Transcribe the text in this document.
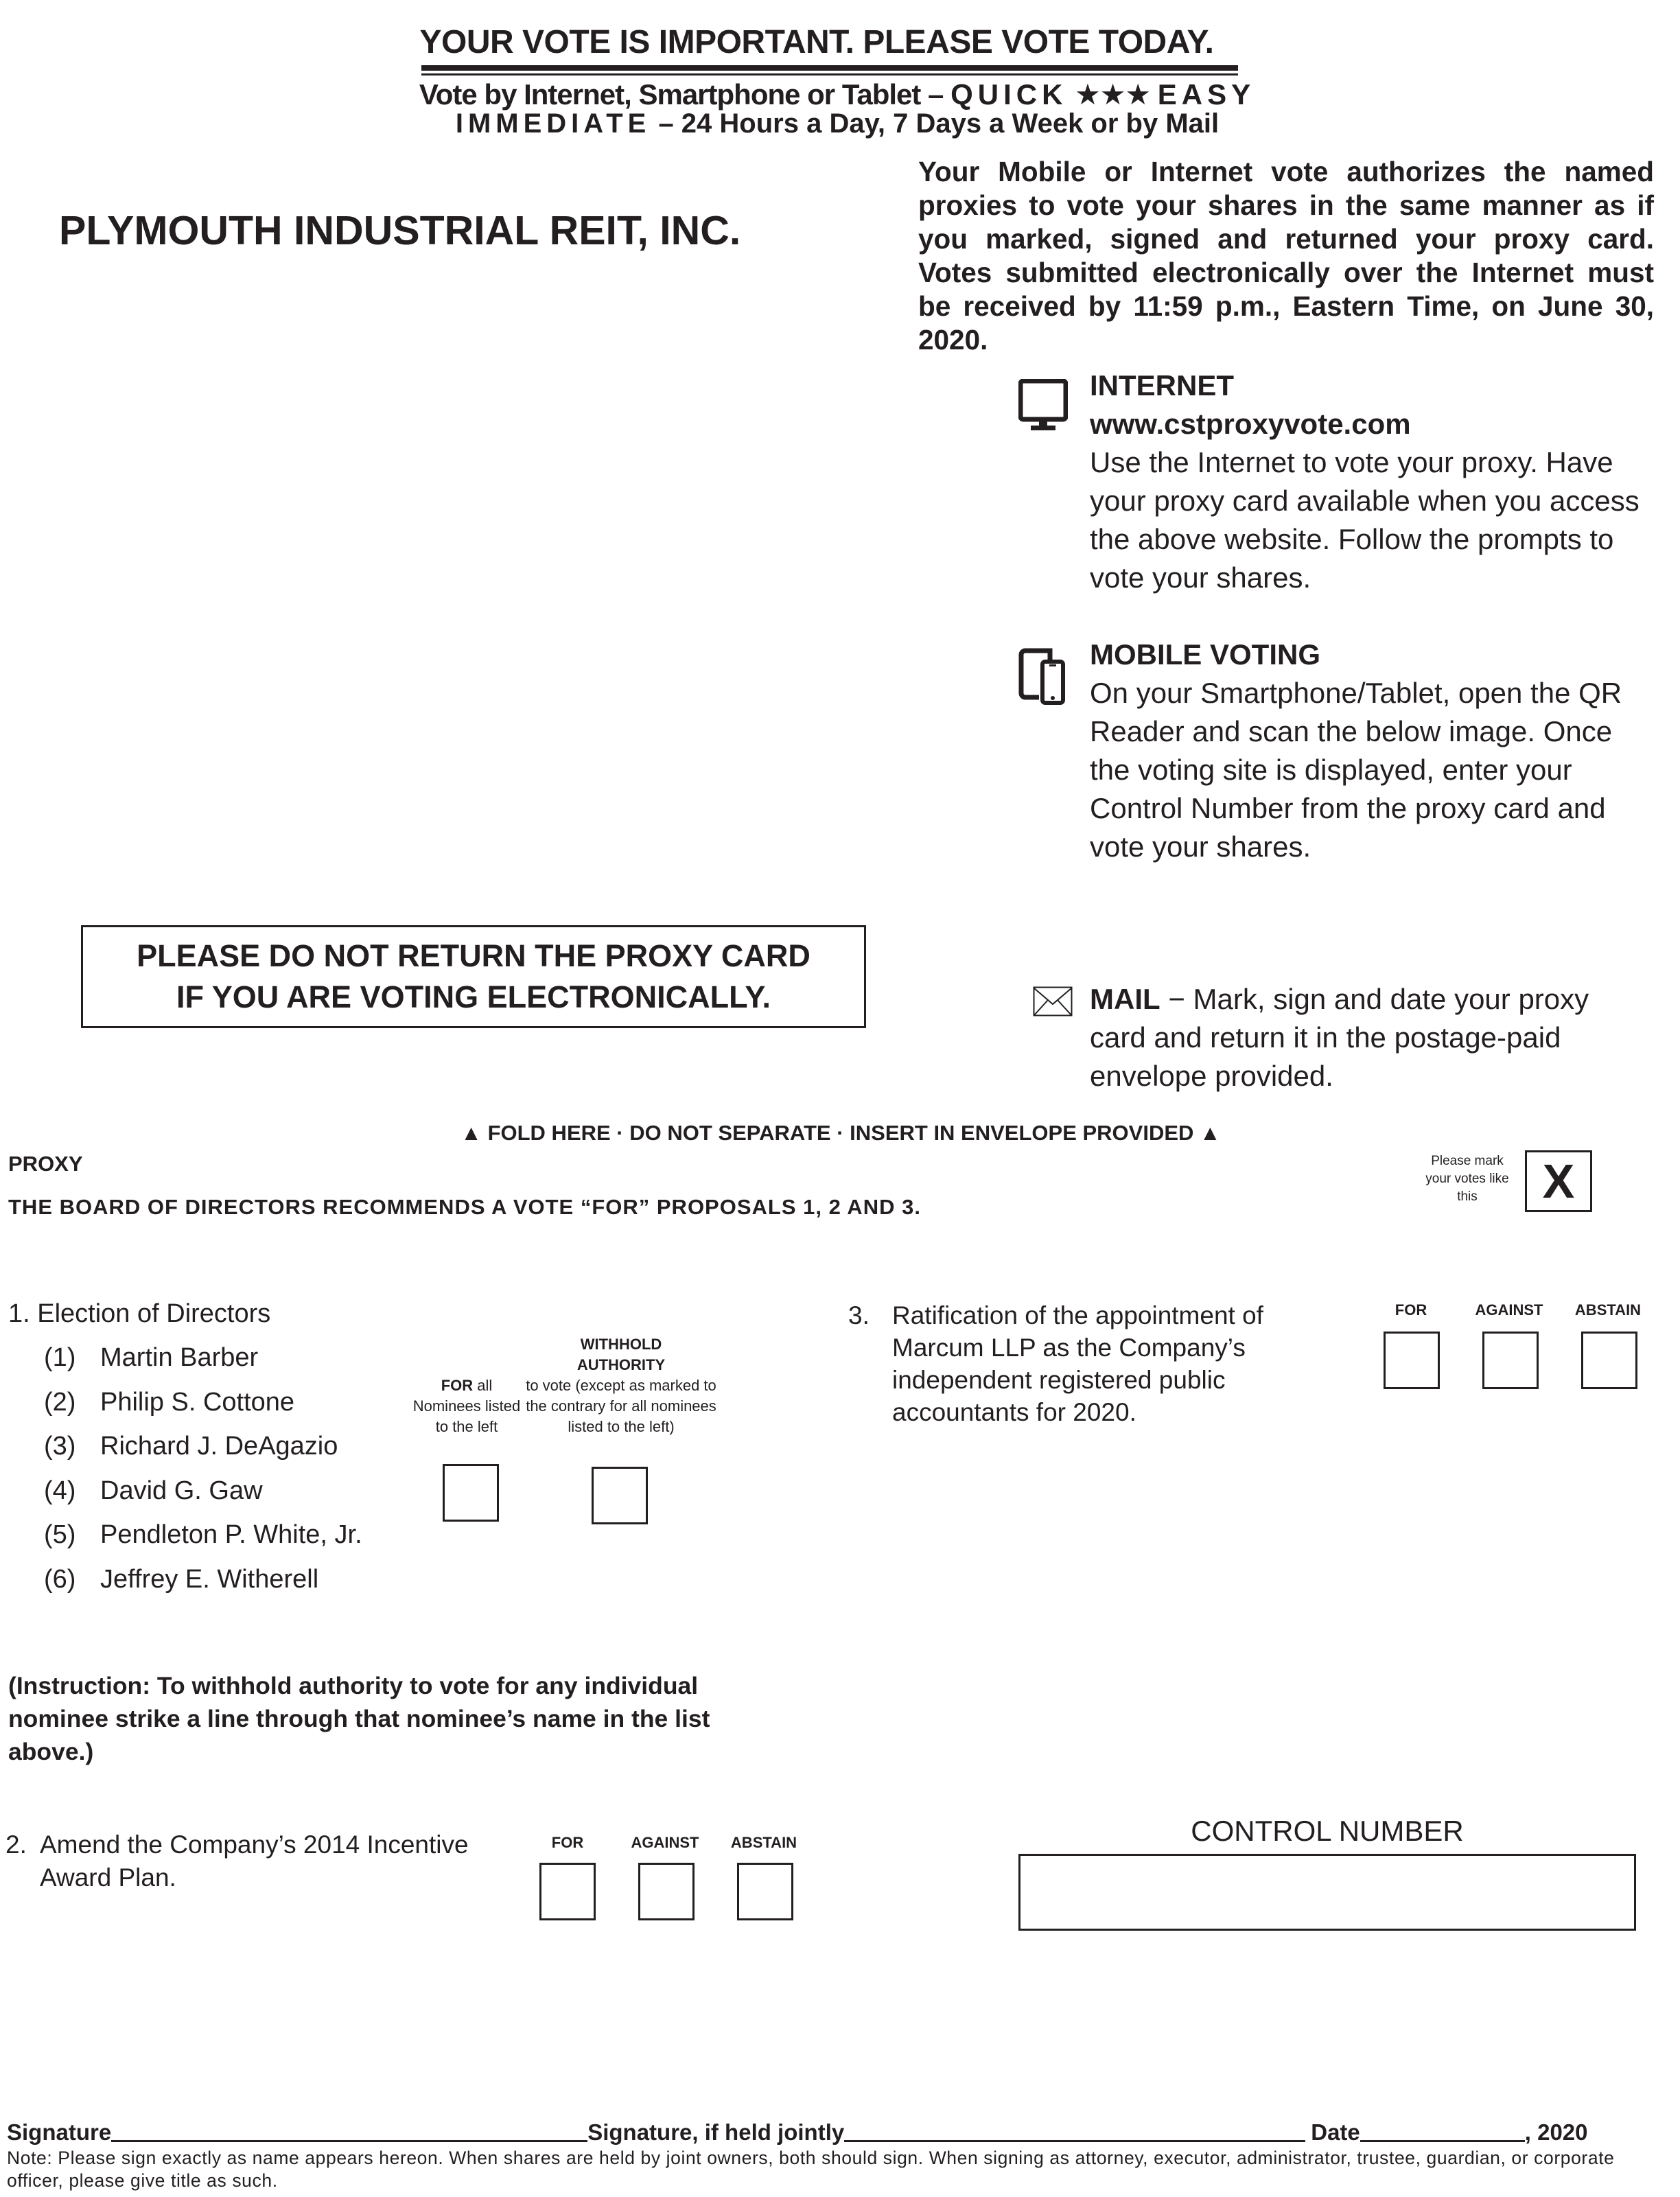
YOUR VOTE IS IMPORTANT. PLEASE VOTE TODAY.
Vote by Internet, Smartphone or Tablet – QUICK ★★★ EASY
IMMEDIATE – 24 Hours a Day, 7 Days a Week or by Mail
PLYMOUTH INDUSTRIAL REIT, INC.
Your Mobile or Internet vote authorizes the named proxies to vote your shares in the same manner as if you marked, signed and returned your proxy card. Votes submitted electronically over the Internet must be received by 11:59 p.m., Eastern Time, on June 30, 2020.
INTERNET
www.cstproxyvote.com
Use the Internet to vote your proxy. Have your proxy card available when you access the above website. Follow the prompts to vote your shares.
MOBILE VOTING
On your Smartphone/Tablet, open the QR Reader and scan the below image. Once the voting site is displayed, enter your Control Number from the proxy card and vote your shares.
PLEASE DO NOT RETURN THE PROXY CARD
IF YOU ARE VOTING ELECTRONICALLY.	MAIL − Mark, sign and date your proxy card and return it in the postage-paid envelope provided.
▲ FOLD HERE · DO NOT SEPARATE · INSERT IN ENVELOPE PROVIDED ▲
PROXY
THE BOARD OF DIRECTORS RECOMMENDS A VOTE “FOR” PROPOSALS 1, 2 AND 3.
Please mark your votes like this	X
1. Election of Directors
(1) Martin Barber
(2) Philip S. Cottone
(3) Richard J. DeAgazio
(4) David G. Gaw
(5) Pendleton P. White, Jr.
(6) Jeffrey E. Witherell
FOR all Nominees listed to the left
WITHHOLD AUTHORITY
to vote (except as marked to the contrary for all nominees listed to the left)
(Instruction: To withhold authority to vote for any individual nominee strike a line through that nominee’s name in the list above.)
2. Amend the Company’s 2014 Incentive
Award Plan.
FOR	AGAINST	ABSTAIN
3. Ratification of the appointment of
Marcum LLP as the Company’s
independent registered public
accountants for 2020.
FOR	AGAINST	ABSTAIN
CONTROL NUMBER
Signature	Signature, if held jointly	Date	, 2020
Note: Please sign exactly as name appears hereon. When shares are held by joint owners, both should sign. When signing as attorney, executor, administrator, trustee, guardian, or corporate officer, please give title as such.
